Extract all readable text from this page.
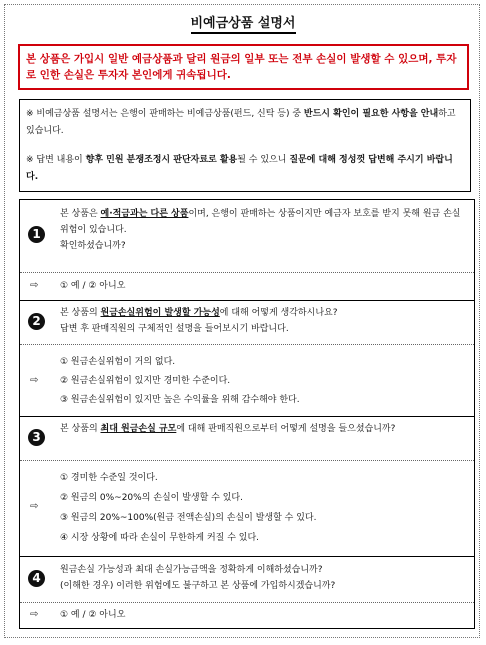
비예금상품 설명서
본 상품은 가입시 일반 예금상품과 달리 원금의 일부 또는 전부 손실이 발생할 수 있으며, 투자로 인한 손실은 투자자 본인에게 귀속됩니다.

※ 비예금상품 설명서는 은행이 판매하는 비예금상품(펀드, 신탁 등) 중 반드시 확인이 필요한 사항을 안내하고 있습니다.

※ 답변 내용이 향후 민원 분쟁조정시 판단자료로 활용될 수 있으니 질문에 대해 정성껏 답변해 주시기 바랍니다.

1
본 상품은 예·적금과는 다른 상품이며, 은행이 판매하는 상품이지만 예금자 보호를 받지 못해 원금 손실 위험이 있습니다.
확인하셨습니까?
⇨ ① 예 / ② 아니오
2
본 상품의 원금손실위험이 발생할 가능성에 대해 어떻게 생각하시나요?
답변 후 판매직원의 구체적인 설명을 들어보시기 바랍니다.
⇨
① 원금손실위험이 거의 없다.
② 원금손실위험이 있지만 경미한 수준이다.
③ 원금손실위험이 있지만 높은 수익률을 위해 감수해야 한다.
3
본 상품의 최대 원금손실 규모에 대해 판매직원으로부터 어떻게 설명을 들으셨습니까?
⇨
① 경미한 수준일 것이다.
② 원금의 0%~20%의 손실이 발생할 수 있다.
③ 원금의 20%~100%(원금 전액손실)의 손실이 발생할 수 있다.
④ 시장 상황에 따라 손실이 무한하게 커질 수 있다.
4
원금손실 가능성과 최대 손실가능금액을 정확하게 이해하셨습니까?
(이해한 경우) 이러한 위험에도 불구하고 본 상품에 가입하시겠습니까?
⇨ ① 예 / ② 아니오
